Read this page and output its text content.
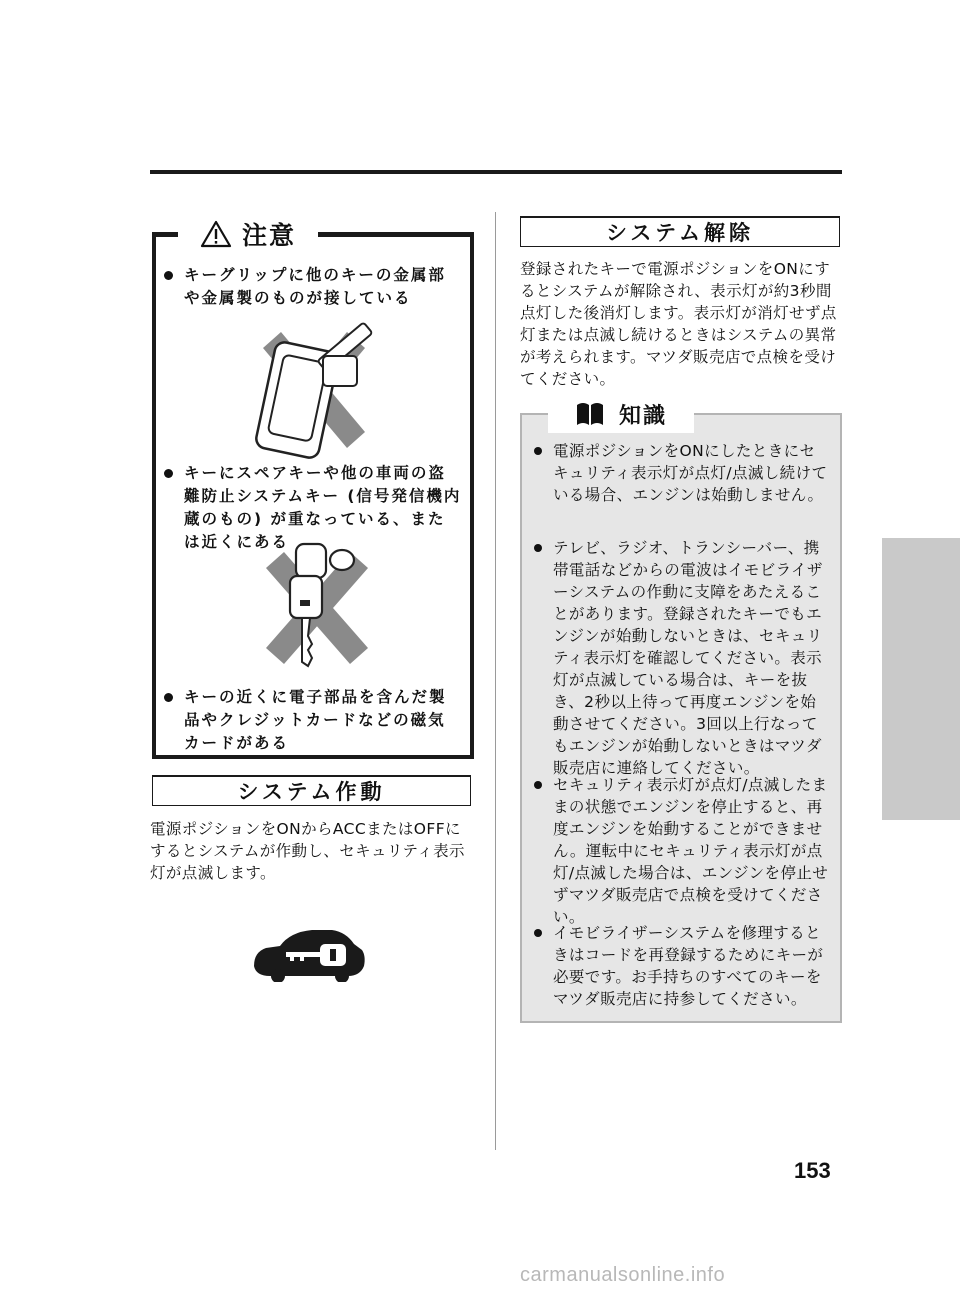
注意
キーグリップに他のキーの金属部や金属製のものが接している
キーにスペアキーや他の車両の盗難防止システムキー (信号発信機内蔵のもの) が重なっている、または近くにある
キーの近くに電子部品を含んだ製品やクレジットカードなどの磁気カードがある
システム作動
電源ポジションをONからACCまたはOFFにするとシステムが作動し、セキュリティ表示灯が点滅します。
システム解除
登録されたキーで電源ポジションをONにするとシステムが解除され、表示灯が約3秒間点灯した後消灯します。表示灯が消灯せず点灯または点滅し続けるときはシステムの異常が考えられます。マツダ販売店で点検を受けてください。
知識
電源ポジションをONにしたときにセキュリティ表示灯が点灯/点滅し続けている場合、エンジンは始動しません。
テレビ、ラジオ、トランシーバー、携帯電話などからの電波はイモビライザーシステムの作動に支障をあたえることがあります。登録されたキーでもエンジンが始動しないときは、セキュリティ表示灯を確認してください。表示灯が点滅している場合は、キーを抜き、2秒以上待って再度エンジンを始動させてください。3回以上行なってもエンジンが始動しないときはマツダ販売店に連絡してください。
セキュリティ表示灯が点灯/点滅したままの状態でエンジンを停止すると、再度エンジンを始動することができません。運転中にセキュリティ表示灯が点灯/点滅した場合は、エンジンを停止せずマツダ販売店で点検を受けてください。
イモビライザーシステムを修理するときはコードを再登録するためにキーが必要です。お手持ちのすべてのキーをマツダ販売店に持参してください。
153
carmanualsonline.info
